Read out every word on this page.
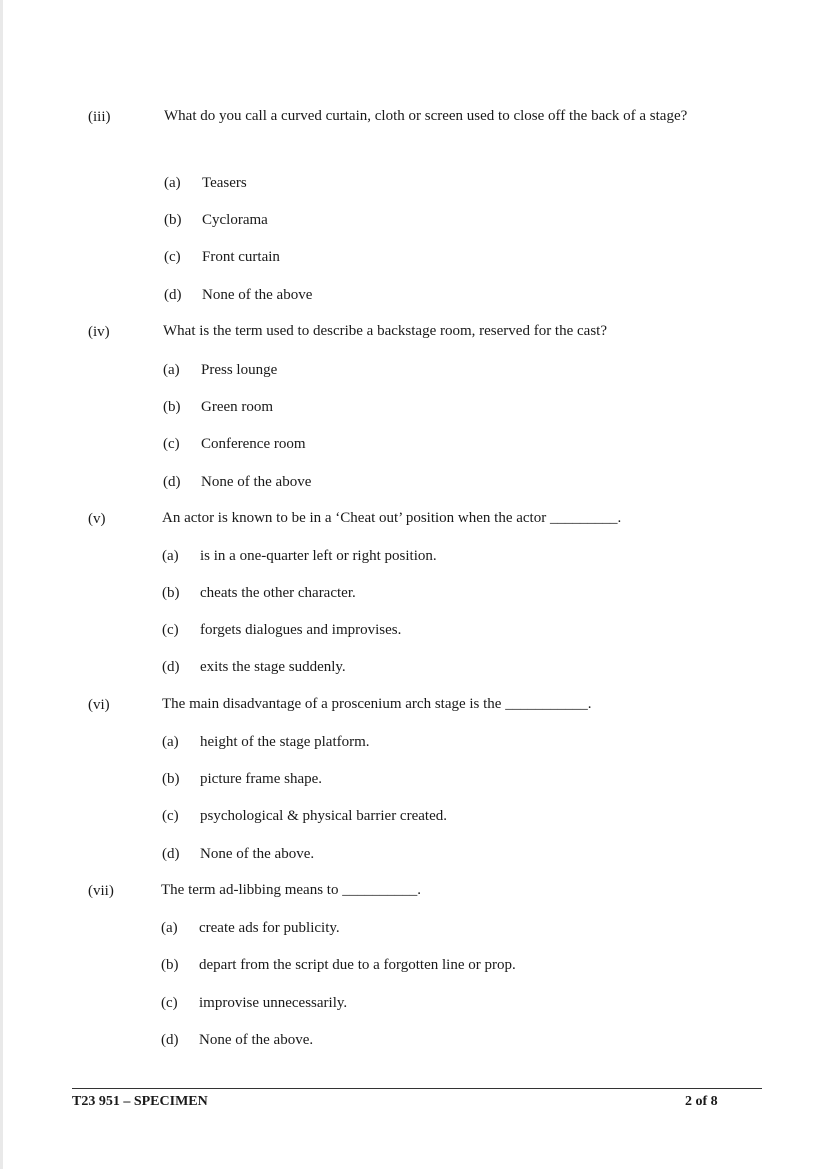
(iii)	What do you call a curved curtain, cloth or screen used to close off the back of a stage?
(a) Teasers
(b) Cyclorama
(c) Front curtain
(d) None of the above
(iv)	What is the term used to describe a backstage room, reserved for the cast?
(a) Press lounge
(b) Green room
(c) Conference room
(d) None of the above
(v)	An actor is known to be in a ‘Cheat out’ position when the actor _________.
(a) is in a one-quarter left or right position.
(b) cheats the other character.
(c) forgets dialogues and improvises.
(d) exits the stage suddenly.
(vi)	The main disadvantage of a proscenium arch stage is the ___________.
(a) height of the stage platform.
(b) picture frame shape.
(c) psychological & physical barrier created.
(d) None of the above.
(vii)	The term ad-libbing means to __________.
(a) create ads for publicity.
(b) depart from the script due to a forgotten line or prop.
(c) improvise unnecessarily.
(d) None of the above.
T23 951 – SPECIMEN	2 of 8
